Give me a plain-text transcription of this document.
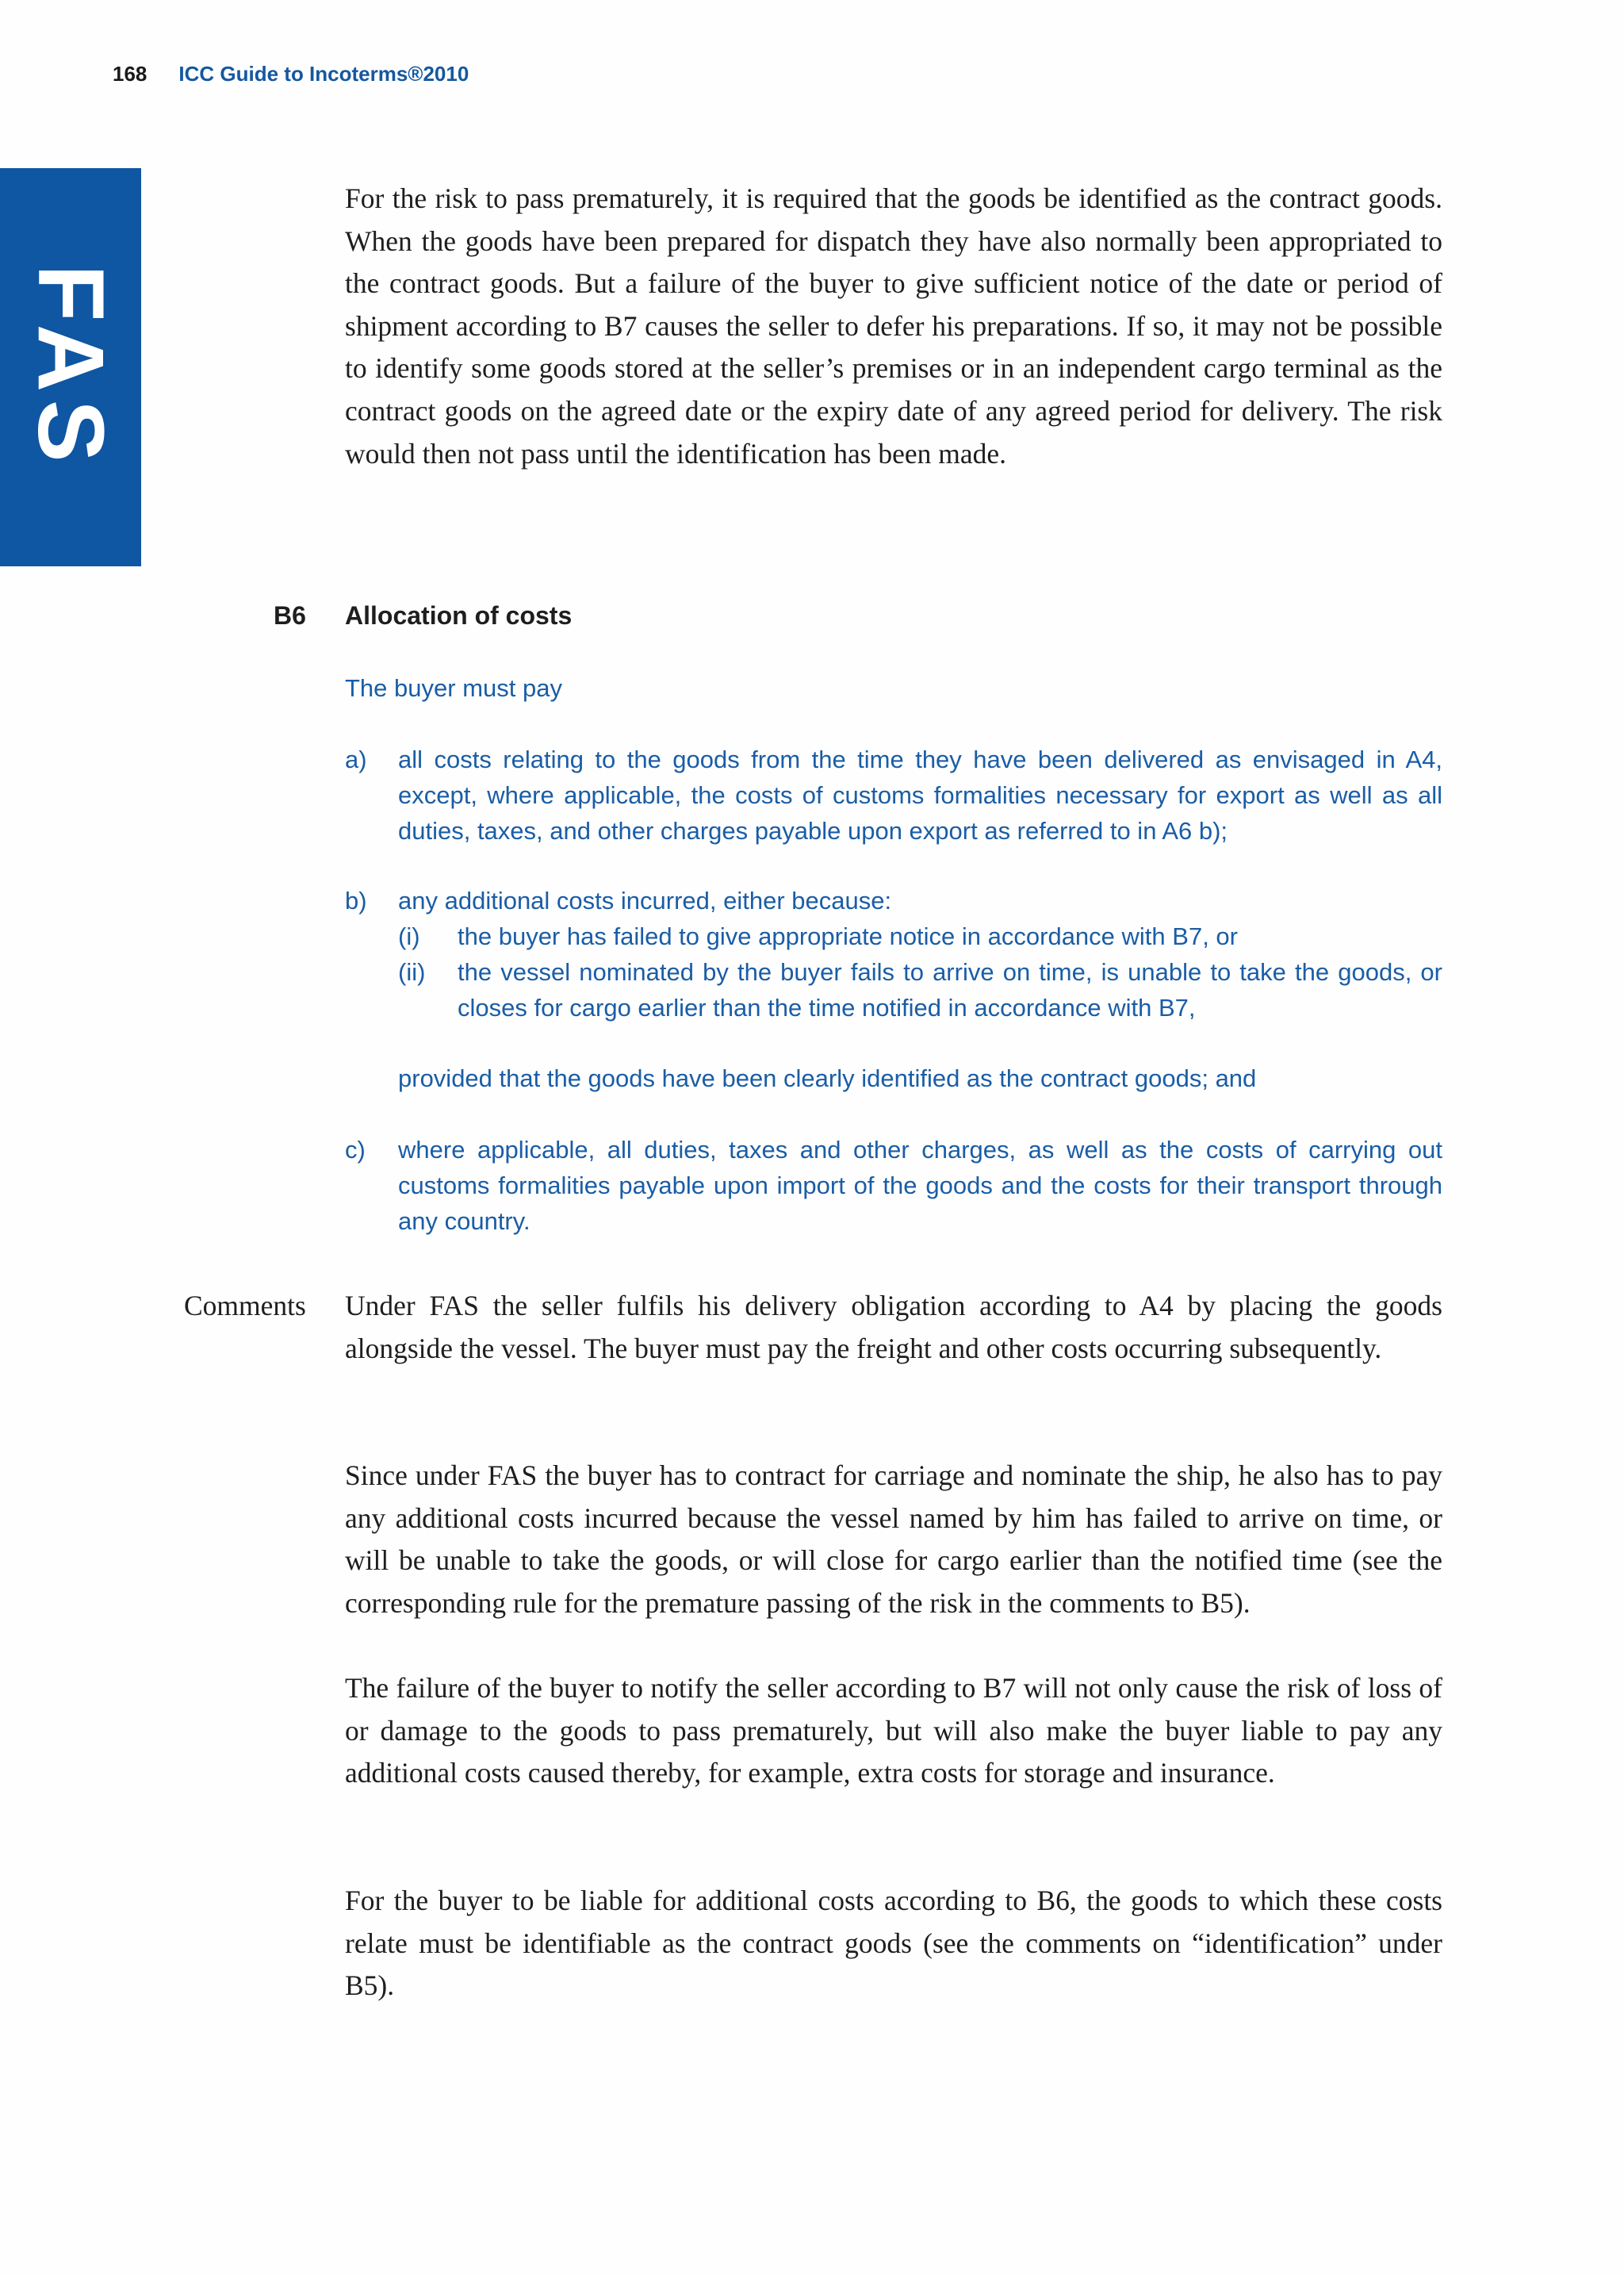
168 ICC Guide to Incoterms®2010
FAS

For the risk to pass prematurely, it is required that the goods be identified as the contract goods. When the goods have been prepared for dispatch they have also normally been appropriated to the contract goods. But a failure of the buyer to give sufficient notice of the date or period of shipment according to B7 causes the seller to defer his preparations. If so, it may not be possible to identify some goods stored at the seller’s premises or in an independent cargo terminal as the contract goods on the agreed date or the expiry date of any agreed period for delivery. The risk would then not pass until the identification has been made.

B6 Allocation of costs

The buyer must pay

a) all costs relating to the goods from the time they have been delivered as envisaged in A4, except, where applicable, the costs of customs formalities necessary for export as well as all duties, taxes, and other charges payable upon export as referred to in A6 b);

b) any additional costs incurred, either because:

(i) the buyer has failed to give appropriate notice in accordance with B7, or

(ii) the vessel nominated by the buyer fails to arrive on time, is unable to take the goods, or closes for cargo earlier than the time notified in accordance with B7,

provided that the goods have been clearly identified as the contract goods; and

c) where applicable, all duties, taxes and other charges, as well as the costs of carrying out customs formalities payable upon import of the goods and the costs for their transport through any country.

Comments Under FAS the seller fulfils his delivery obligation according to A4 by placing the goods alongside the vessel. The buyer must pay the freight and other costs occurring subsequently.

Since under FAS the buyer has to contract for carriage and nominate the ship, he also has to pay any additional costs incurred because the vessel named by him has failed to arrive on time, or will be unable to take the goods, or will close for cargo earlier than the notified time (see the corresponding rule for the premature passing of the risk in the comments to B5).

The failure of the buyer to notify the seller according to B7 will not only cause the risk of loss of or damage to the goods to pass prematurely, but will also make the buyer liable to pay any additional costs caused thereby, for example, extra costs for storage and insurance.

For the buyer to be liable for additional costs according to B6, the goods to which these costs relate must be identifiable as the contract goods (see the comments on “identification” under B5).
